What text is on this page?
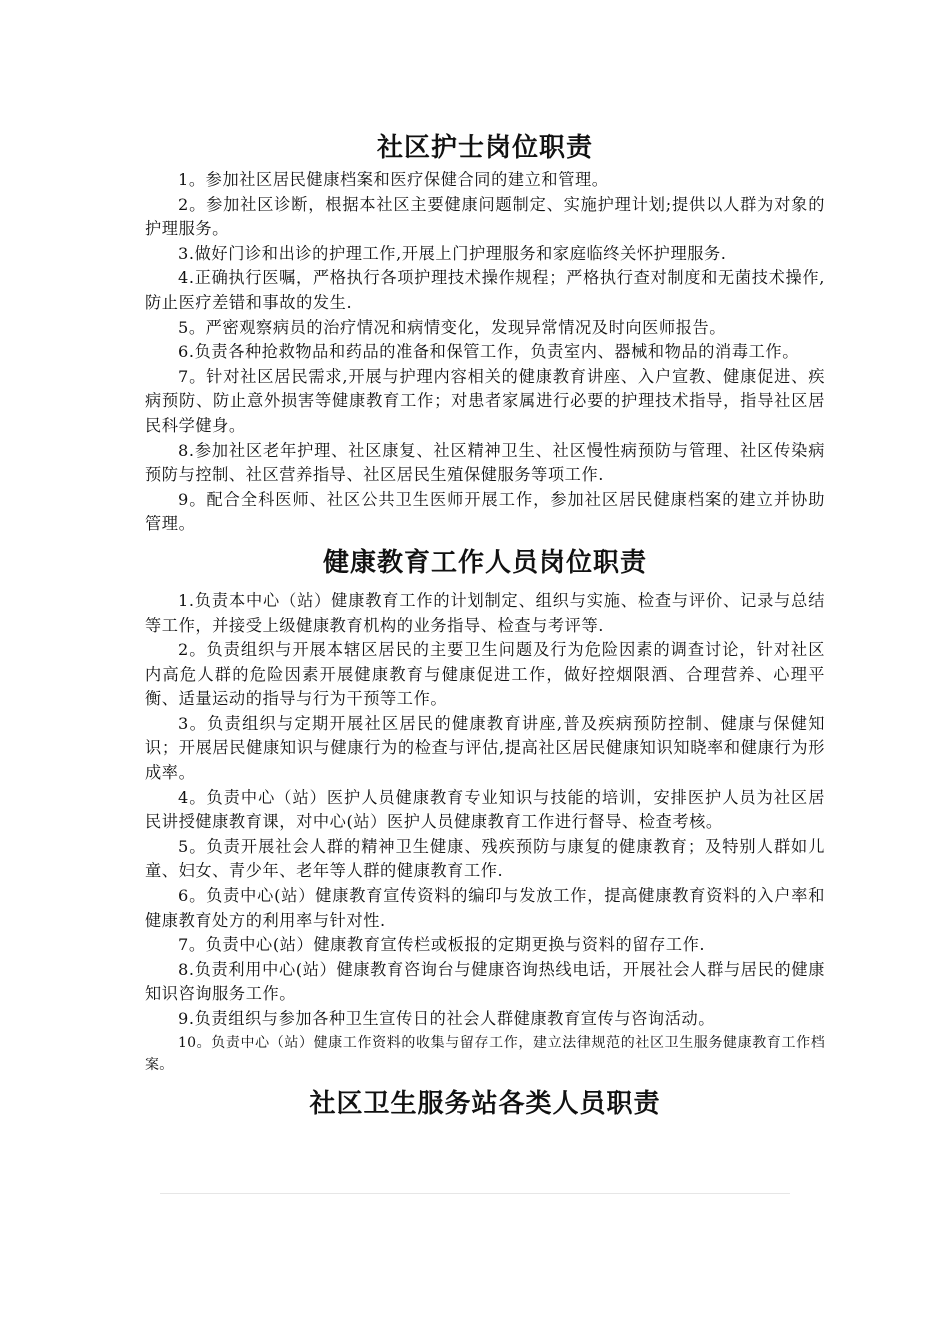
社区护士岗位职责

1。参加社区居民健康档案和医疗保健合同的建立和管理。

2。参加社区诊断，根据本社区主要健康问题制定、实施护理计划;提供以人群为对象的护理服务。

3.做好门诊和出诊的护理工作,开展上门护理服务和家庭临终关怀护理服务.

4.正确执行医嘱，严格执行各项护理技术操作规程；严格执行查对制度和无菌技术操作,防止医疗差错和事故的发生.

5。严密观察病员的治疗情况和病情变化，发现异常情况及时向医师报告。

6.负责各种抢救物品和药品的准备和保管工作，负责室内、器械和物品的消毒工作。

7。针对社区居民需求,开展与护理内容相关的健康教育讲座、入户宣教、健康促进、疾病预防、防止意外损害等健康教育工作；对患者家属进行必要的护理技术指导，指导社区居民科学健身。

8.参加社区老年护理、社区康复、社区精神卫生、社区慢性病预防与管理、社区传染病预防与控制、社区营养指导、社区居民生殖保健服务等项工作.

9。配合全科医师、社区公共卫生医师开展工作，参加社区居民健康档案的建立并协助管理。

健康教育工作人员岗位职责

1.负责本中心（站）健康教育工作的计划制定、组织与实施、检查与评价、记录与总结等工作，并接受上级健康教育机构的业务指导、检查与考评等.

2。负责组织与开展本辖区居民的主要卫生问题及行为危险因素的调查讨论，针对社区内高危人群的危险因素开展健康教育与健康促进工作，做好控烟限酒、合理营养、心理平衡、适量运动的指导与行为干预等工作。

3。负责组织与定期开展社区居民的健康教育讲座,普及疾病预防控制、健康与保健知识；开展居民健康知识与健康行为的检查与评估,提高社区居民健康知识知晓率和健康行为形成率。

4。负责中心（站）医护人员健康教育专业知识与技能的培训，安排医护人员为社区居民讲授健康教育课，对中心(站）医护人员健康教育工作进行督导、检查考核。

5。负责开展社会人群的精神卫生健康、残疾预防与康复的健康教育；及特别人群如儿童、妇女、青少年、老年等人群的健康教育工作.

6。负责中心(站）健康教育宣传资料的编印与发放工作，提高健康教育资料的入户率和健康教育处方的利用率与针对性.

7。负责中心(站）健康教育宣传栏或板报的定期更换与资料的留存工作.

8.负责利用中心(站）健康教育咨询台与健康咨询热线电话，开展社会人群与居民的健康知识咨询服务工作。

9.负责组织与参加各种卫生宣传日的社会人群健康教育宣传与咨询活动。

10。负责中心（站）健康工作资料的收集与留存工作，建立法律规范的社区卫生服务健康教育工作档案。

社区卫生服务站各类人员职责
